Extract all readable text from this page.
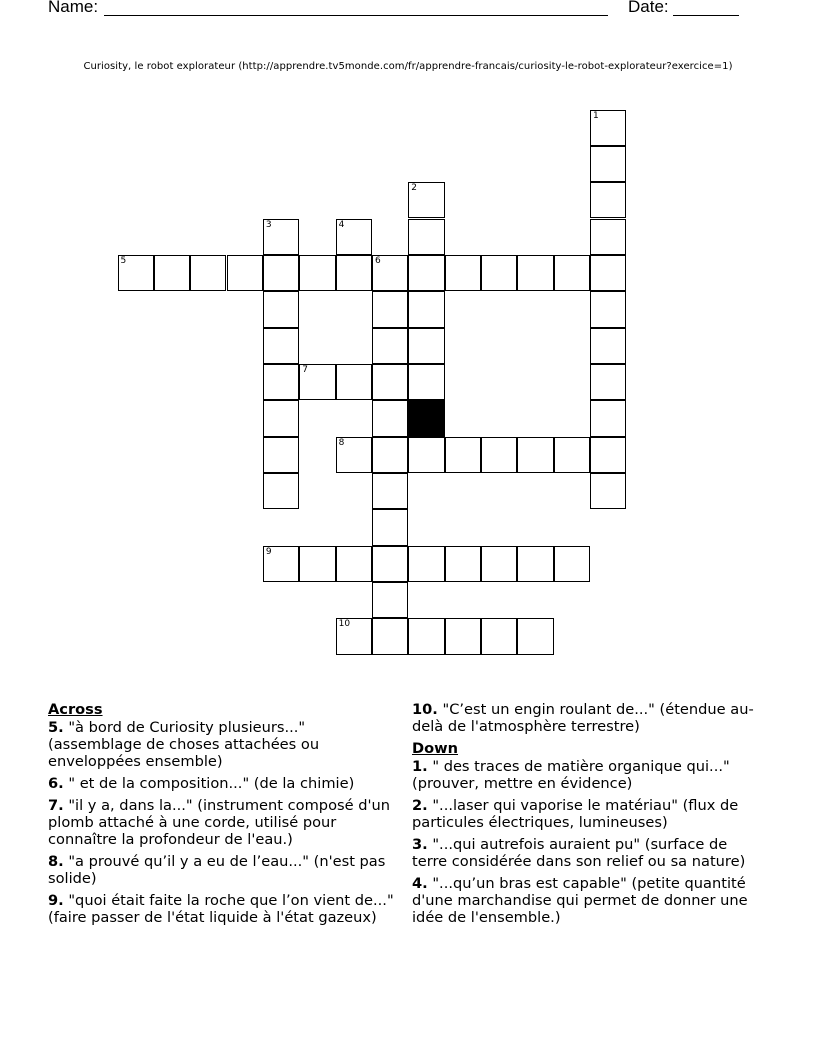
Name:	Date:
Curiosity, le robot explorateur (http://apprendre.tv5monde.com/fr/apprendre-francais/curiosity-le-robot-explorateur?exercice=1)
1
2
3	4
5	6
7
8
9
10
Across
5. "à bord de Curiosity plusieurs..." (assemblage de choses attachées ou enveloppées ensemble)
6. " et de la composition..." (de la chimie)
7. "il y a, dans la..." (instrument composé d'un plomb attaché à une corde, utilisé pour connaître la profondeur de l'eau.)
8. "a prouvé qu’il y a eu de l’eau..." (n'est pas solide)
9. "quoi était faite la roche que l’on vient de..." (faire passer de l'état liquide à l'état gazeux)
10. "C’est un engin roulant de..." (étendue au-delà de l'atmosphère terrestre)
Down
1. " des traces de matière organique qui..." (prouver, mettre en évidence)
2. "...laser qui vaporise le matériau" (flux de particules électriques, lumineuses)
3. "...qui autrefois auraient pu" (surface de terre considérée dans son relief ou sa nature)
4. "...qu’un bras est capable" (petite quantité d'une marchandise qui permet de donner une idée de l'ensemble.)
